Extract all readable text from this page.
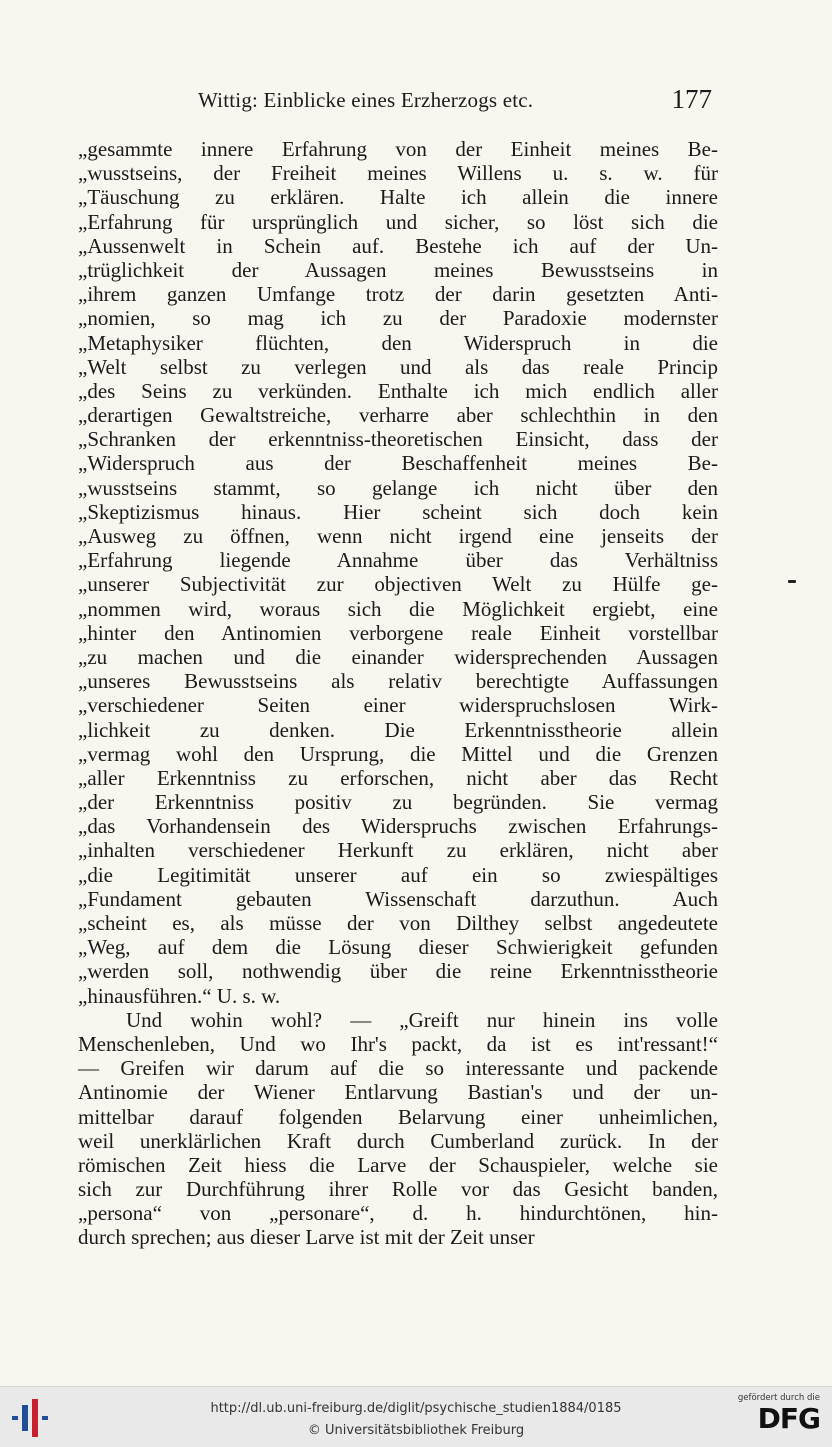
Wittig: Einblicke eines Erzherzogs etc.	177
„gesammte innere Erfahrung von der Einheit meines Be-
„wusstseins, der Freiheit meines Willens u. s. w. für
„Täuschung zu erklären. Halte ich allein die innere
„Erfahrung für ursprünglich und sicher, so löst sich die
„Aussenwelt in Schein auf. Bestehe ich auf der Un-
„trüglichkeit der Aussagen meines Bewusstseins in
„ihrem ganzen Umfange trotz der darin gesetzten Anti-
„nomien, so mag ich zu der Paradoxie modernster
„Metaphysiker flüchten, den Widerspruch in die
„Welt selbst zu verlegen und als das reale Princip
„des Seins zu verkünden. Enthalte ich mich endlich aller
„derartigen Gewaltstreiche, verharre aber schlechthin in den
„Schranken der erkenntniss-theoretischen Einsicht, dass der
„Widerspruch aus der Beschaffenheit meines Be-
„wusstseins stammt, so gelange ich nicht über den
„Skeptizismus hinaus. Hier scheint sich doch kein
„Ausweg zu öffnen, wenn nicht irgend eine jenseits der
„Erfahrung liegende Annahme über das Verhältniss
„unserer Subjectivität zur objectiven Welt zu Hülfe ge-
„nommen wird, woraus sich die Möglichkeit ergiebt, eine
„hinter den Antinomien verborgene reale Einheit vorstellbar
„zu machen und die einander widersprechenden Aussagen
„unseres Bewusstseins als relativ berechtigte Auffassungen
„verschiedener Seiten einer widerspruchslosen Wirk-
„lichkeit zu denken. Die Erkenntnisstheorie allein
„vermag wohl den Ursprung, die Mittel und die Grenzen
„aller Erkenntniss zu erforschen, nicht aber das Recht
„der Erkenntniss positiv zu begründen. Sie vermag
„das Vorhandensein des Widerspruchs zwischen Erfahrungs-
„inhalten verschiedener Herkunft zu erklären, nicht aber
„die Legitimität unserer auf ein so zwiespältiges
„Fundament gebauten Wissenschaft darzuthun. Auch
„scheint es, als müsse der von Dilthey selbst angedeutete
„Weg, auf dem die Lösung dieser Schwierigkeit gefunden
„werden soll, nothwendig über die reine Erkenntnisstheorie
„hinausführen.“ U. s. w.
Und wohin wohl? — „Greift nur hinein ins volle
Menschenleben, Und wo Ihr's packt, da ist es int'ressant!“
— Greifen wir darum auf die so interessante und packende
Antinomie der Wiener Entlarvung Bastian's und der un-
mittelbar darauf folgenden Belarvung einer unheimlichen,
weil unerklärlichen Kraft durch Cumberland zurück. In der
römischen Zeit hiess die Larve der Schauspieler, welche sie
sich zur Durchführung ihrer Rolle vor das Gesicht banden,
„persona“ von „personare“, d. h. hindurchtönen, hin-
durch sprechen; aus dieser Larve ist mit der Zeit unser
http://dl.ub.uni-freiburg.de/diglit/psychische_studien1884/0185
© Universitätsbibliothek Freiburg
gefördert durch die
DFG
